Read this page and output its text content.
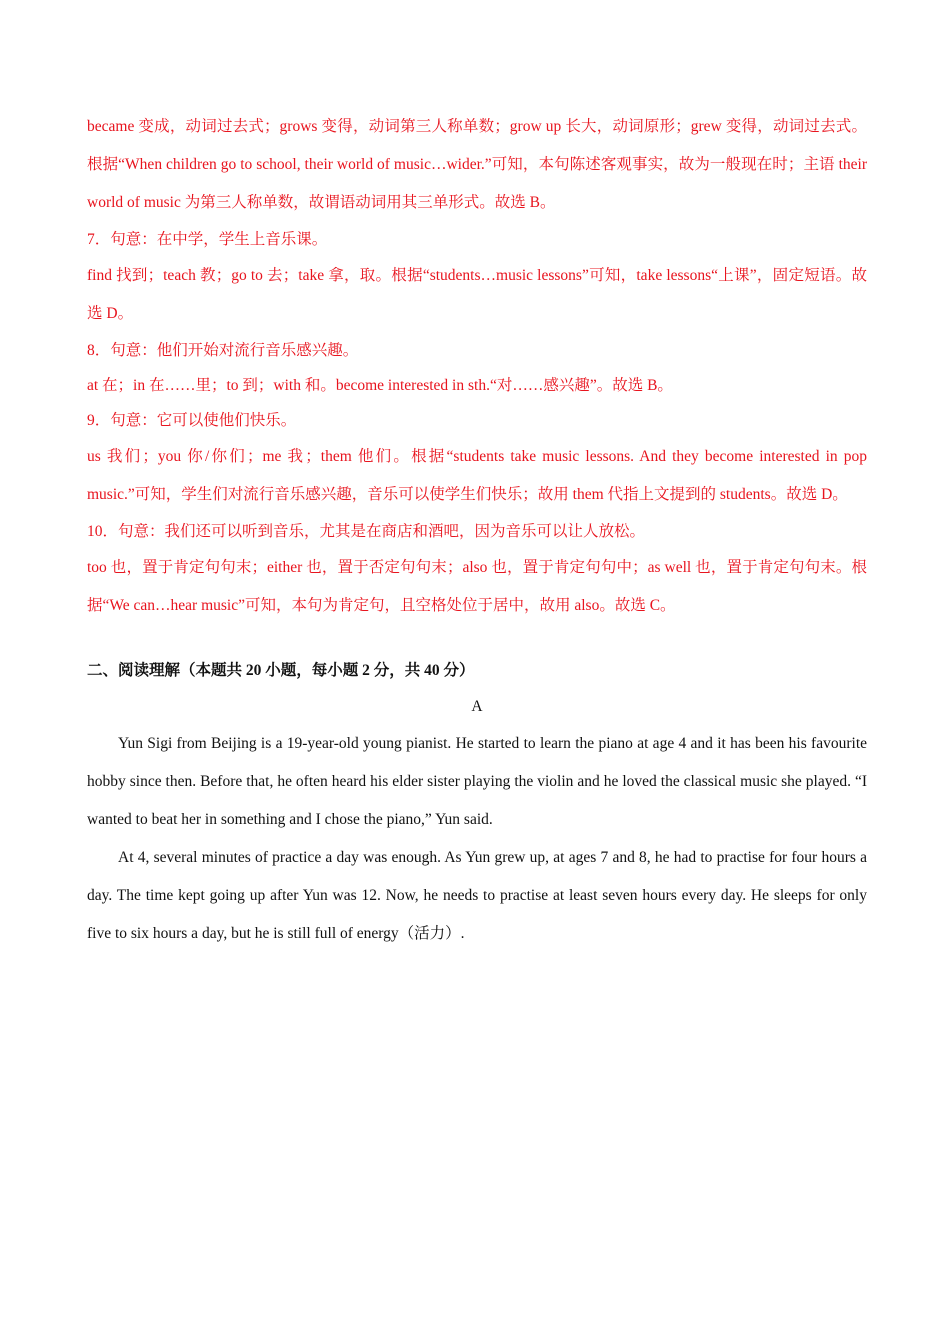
became 变成，动词过去式；grows 变得，动词第三人称单数；grow up 长大，动词原形；grew 变得，动词过去式。根据“When children go to school, their world of music…wider.”可知，本句陈述客观事实，故为一般现在时；主语 their world of music 为第三人称单数，故谓语动词用其三单形式。故选 B。

7．句意：在中学，学生上音乐课。

find 找到；teach 教；go to 去；take 拿，取。根据“students…music lessons”可知，take lessons“上课”，固定短语。故选 D。

8．句意：他们开始对流行音乐感兴趣。

at 在；in 在……里；to 到；with 和。become interested in sth.“对……感兴趣”。故选 B。

9．句意：它可以使他们快乐。

us 我们；you 你/你们；me 我；them 他们。根据“students take music lessons. And they become interested in pop music.”可知，学生们对流行音乐感兴趣，音乐可以使学生们快乐；故用 them 代指上文提到的 students。故选 D。

10．句意：我们还可以听到音乐，尤其是在商店和酒吧，因为音乐可以让人放松。

too 也，置于肯定句句末；either 也，置于否定句句末；also 也，置于肯定句句中；as well 也，置于肯定句句末。根据“We can…hear music”可知，本句为肯定句，且空格处位于居中，故用 also。故选 C。

二、阅读理解（本题共 20 小题，每小题 2 分，共 40 分）

A

Yun Sigi from Beijing is a 19-year-old young pianist. He started to learn the piano at age 4 and it has been his favourite hobby since then. Before that, he often heard his elder sister playing the violin and he loved the classical music she played. “I wanted to beat her in something and I chose the piano,” Yun said.

At 4, several minutes of practice a day was enough. As Yun grew up, at ages 7 and 8, he had to practise for four hours a day. The time kept going up after Yun was 12. Now, he needs to practise at least seven hours every day. He sleeps for only five to six hours a day, but he is still full of energy（活力）.
